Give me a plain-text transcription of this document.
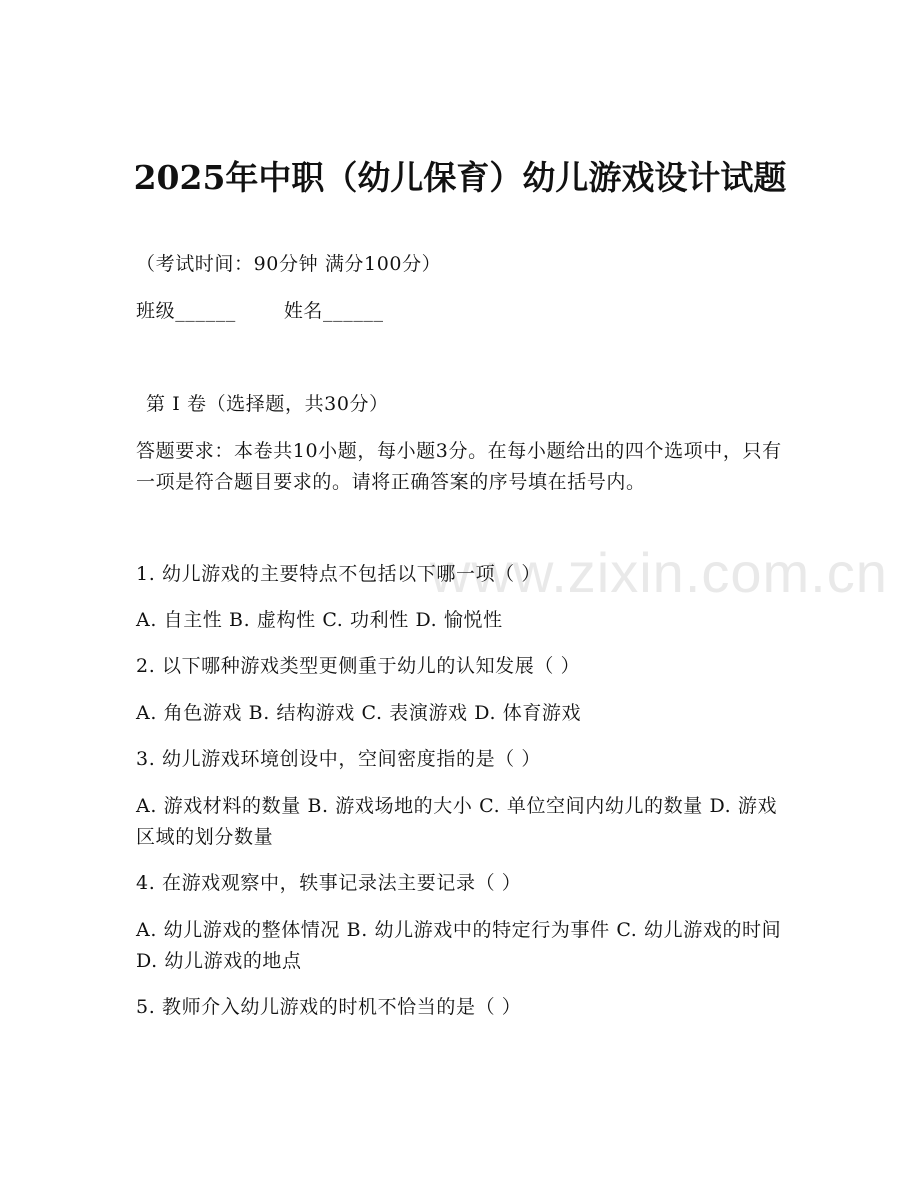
www.zixin.com.cn
2025年中职（幼儿保育）幼儿游戏设计试题
（考试时间：90分钟 满分100分）
班级______	姓名______
第 I 卷（选择题，共30分）
答题要求：本卷共10小题，每小题3分。在每小题给出的四个选项中，只有一项是符合题目要求的。请将正确答案的序号填在括号内。
1. 幼儿游戏的主要特点不包括以下哪一项（ ）
A. 自主性 B. 虚构性 C. 功利性 D. 愉悦性
2. 以下哪种游戏类型更侧重于幼儿的认知发展（ ）
A. 角色游戏 B. 结构游戏 C. 表演游戏 D. 体育游戏
3. 幼儿游戏环境创设中，空间密度指的是（ ）
A. 游戏材料的数量 B. 游戏场地的大小 C. 单位空间内幼儿的数量 D. 游戏区域的划分数量
4. 在游戏观察中，轶事记录法主要记录（ ）
A. 幼儿游戏的整体情况 B. 幼儿游戏中的特定行为事件 C. 幼儿游戏的时间 D. 幼儿游戏的地点
5. 教师介入幼儿游戏的时机不恰当的是（ ）
